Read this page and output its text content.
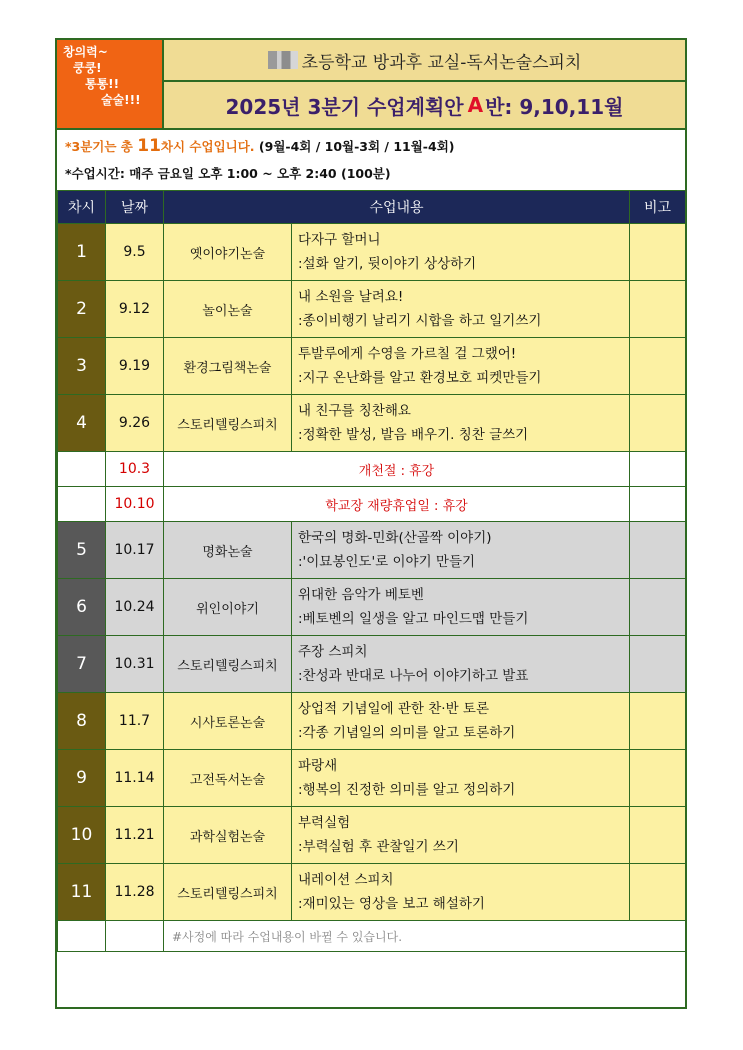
창의력~
쿵쿵!
통통!!
술술!!!
초등학교 방과후 교실-독서논술스피치
2025년 3분기 수업계획안 A 반: 9,10,11월
*3분기는 총 11차시 수업입니다. (9월-4회 / 10월-3회 / 11월-4회)
*수업시간: 매주 금요일 오후 1:00 ~ 오후 2:40 (100분)
차시	날짜	수업내용		비고
1	9.5	옛이야기논술	다자구 할머니
:설화 알기, 뒷이야기 상상하기	

2	9.12	놀이논술	내 소원을 날려요!
:종이비행기 날리기 시합을 하고 일기쓰기	

3	9.19	환경그림책논술	투발루에게 수영을 가르칠 걸 그랬어!
:지구 온난화를 알고 환경보호 피켓만들기	

4	9.26	스토리텔링스피치	내 친구를 칭찬해요
:정확한 발성, 발음 배우기. 칭찬 글쓰기	

	10.3	개천절 : 휴강		
	10.10	학교장 재량휴업일 : 휴강		
5	10.17	명화논술	한국의 명화-민화(산골짝 이야기)
:'이묘봉인도'로 이야기 만들기	

6	10.24	위인이야기	위대한 음악가 베토벤
:베토벤의 일생을 알고 마인드맵 만들기	

7	10.31	스토리텔링스피치	주장 스피치
:찬성과 반대로 나누어 이야기하고 발표	

8	11.7	시사토론논술	상업적 기념일에 관한 찬·반 토론
:각종 기념일의 의미를 알고 토론하기	

9	11.14	고전독서논술	파랑새
:행복의 진정한 의미를 알고 정의하기	

10	11.21	과학실험논술	부력실험
:부력실험 후 관찰일기 쓰기	

11	11.28	스토리텔링스피치	내레이션 스피치
:재미있는 영상을 보고 해설하기	

		#사정에 따라 수업내용이 바뀔 수 있습니다.		
